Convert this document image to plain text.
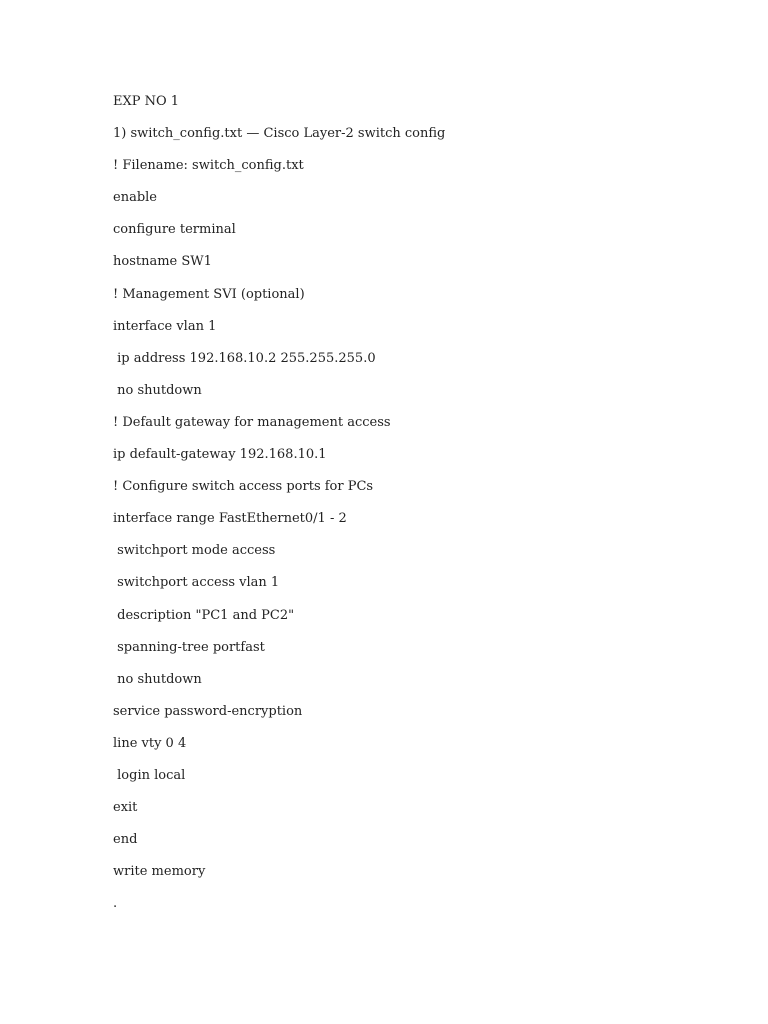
EXP NO 1
1) switch_config.txt — Cisco Layer-2 switch config
! Filename: switch_config.txt
enable
configure terminal
hostname SW1
! Management SVI (optional)
interface vlan 1
ip address 192.168.10.2 255.255.255.0
no shutdown
! Default gateway for management access
ip default-gateway 192.168.10.1
! Configure switch access ports for PCs
interface range FastEthernet0/1 - 2
switchport mode access
switchport access vlan 1
description "PC1 and PC2"
spanning-tree portfast
no shutdown
service password-encryption
line vty 0 4
login local
exit
end
write memory
.
